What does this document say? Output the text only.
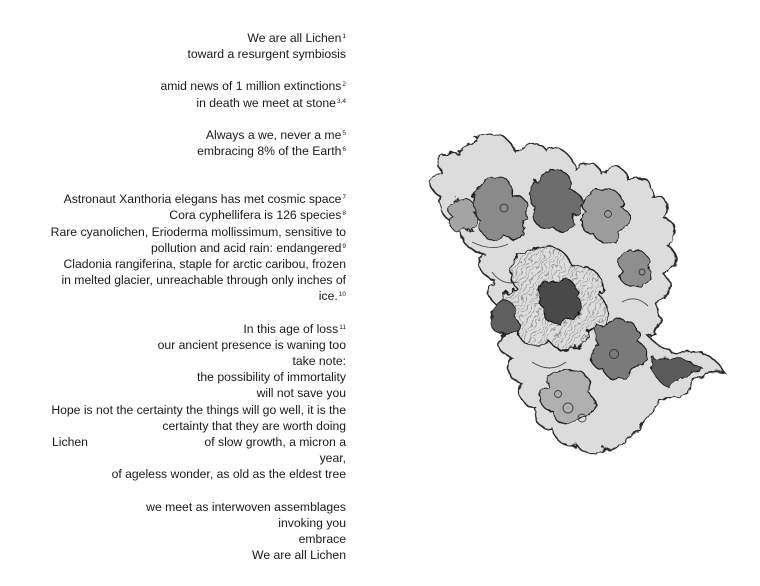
We are all Lichen$^1$
toward a resurgent symbiosis
amid news of 1 million extinctions$^2$
in death we meet at stone$^{3,4}$
Always a we, never a $me^5$
embracing 8% of the Earth$^6$
Astronaut Xanthoria elegans has met cosmic space$^7$
Cora cyphellifera is 126 species$^8$
Rare cyanolichen, Erioderma mollissimum, sensitive to
pollution and acid rain: endangered$^9$
Cladonia rangiferina, staple for arctic caribou, frozen
in melted glacier, unreachable through only inches of
ice.$^{10}$
In this age of loss$^{11}$
our ancient presence is waning too
take note:
the possibility of immortality
will not save you
Hope is not the certainty the things will go well, it is the
certainty that they are worth doing
Lichen	of slow growth, a micron a
year,
of ageless wonder, as old as the eldest tree
we meet as interwoven assemblages
invoking you
embrace
We are all Lichen
